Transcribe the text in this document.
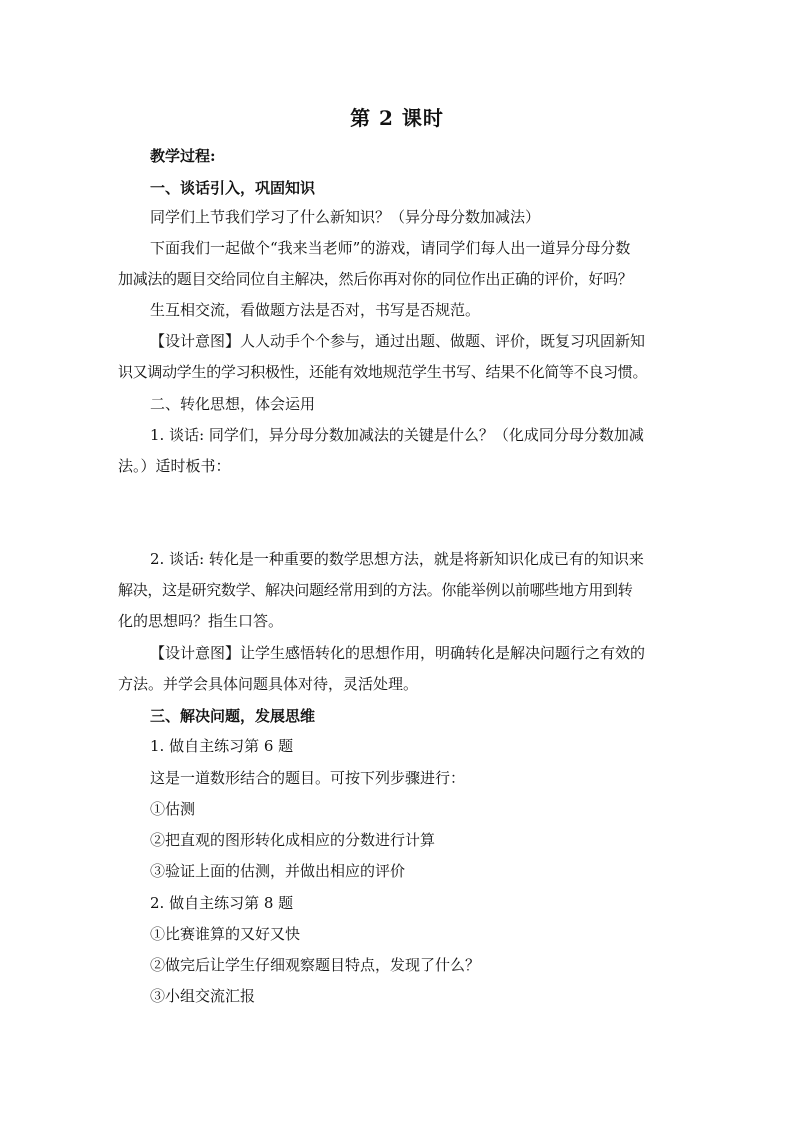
第 2 课时
教学过程:
一、谈话引入，巩固知识
同学们上节我们学习了什么新知识？（异分母分数加减法）
下面我们一起做个“我来当老师”的游戏，请同学们每人出一道异分母分数
加减法的题目交给同位自主解决，然后你再对你的同位作出正确的评价，好吗？
生互相交流，看做题方法是否对，书写是否规范。
【设计意图】人人动手个个参与，通过出题、做题、评价，既复习巩固新知
识又调动学生的学习积极性，还能有效地规范学生书写、结果不化简等不良习惯。
二、转化思想，体会运用
1. 谈话: 同学们，异分母分数加减法的关键是什么？（化成同分母分数加减
法。）适时板书：
2. 谈话: 转化是一种重要的数学思想方法，就是将新知识化成已有的知识来
解决，这是研究数学、解决问题经常用到的方法。你能举例以前哪些地方用到转
化的思想吗？指生口答。
【设计意图】让学生感悟转化的思想作用，明确转化是解决问题行之有效的
方法。并学会具体问题具体对待，灵活处理。
三、解决问题，发展思维
1. 做自主练习第 6 题
这是一道数形结合的题目。可按下列步骤进行：
①估测
②把直观的图形转化成相应的分数进行计算
③验证上面的估测，并做出相应的评价
2. 做自主练习第 8 题
①比赛谁算的又好又快
②做完后让学生仔细观察题目特点，发现了什么？
③小组交流汇报
